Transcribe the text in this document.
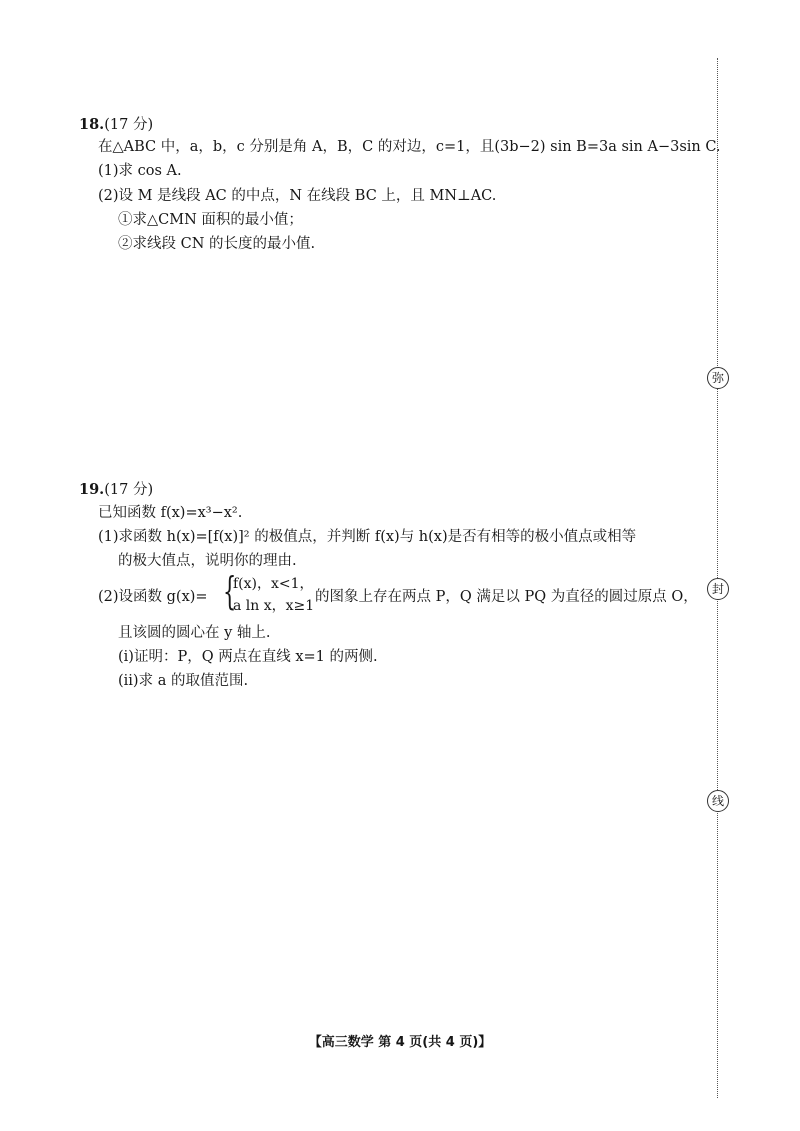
18.(17 分)
在△ABC 中，a，b，c 分别是角 A，B，C 的对边，c=1，且(3b−2) sin B=3a sin A−3sin C.
(1)求 cos A.
(2)设 M 是线段 AC 的中点，N 在线段 BC 上，且 MN⊥AC.
①求△CMN 面积的最小值；
②求线段 CN 的长度的最小值.
19.(17 分)
已知函数 f(x)=x³−x².
(1)求函数 h(x)=[f(x)]² 的极值点，并判断 f(x)与 h(x)是否有相等的极小值点或相等
的极大值点，说明你的理由.
(2)设函数 g(x)= {
f(x)，x<1，
a ln x，x≥1
的图象上存在两点 P，Q 满足以 PQ 为直径的圆过原点 O，
且该圆的圆心在 y 轴上.
(ⅰ)证明：P，Q 两点在直线 x=1 的两侧.
(ⅱ)求 a 的取值范围.
弥
封
线
【高三数学 第 4 页(共 4 页)】
